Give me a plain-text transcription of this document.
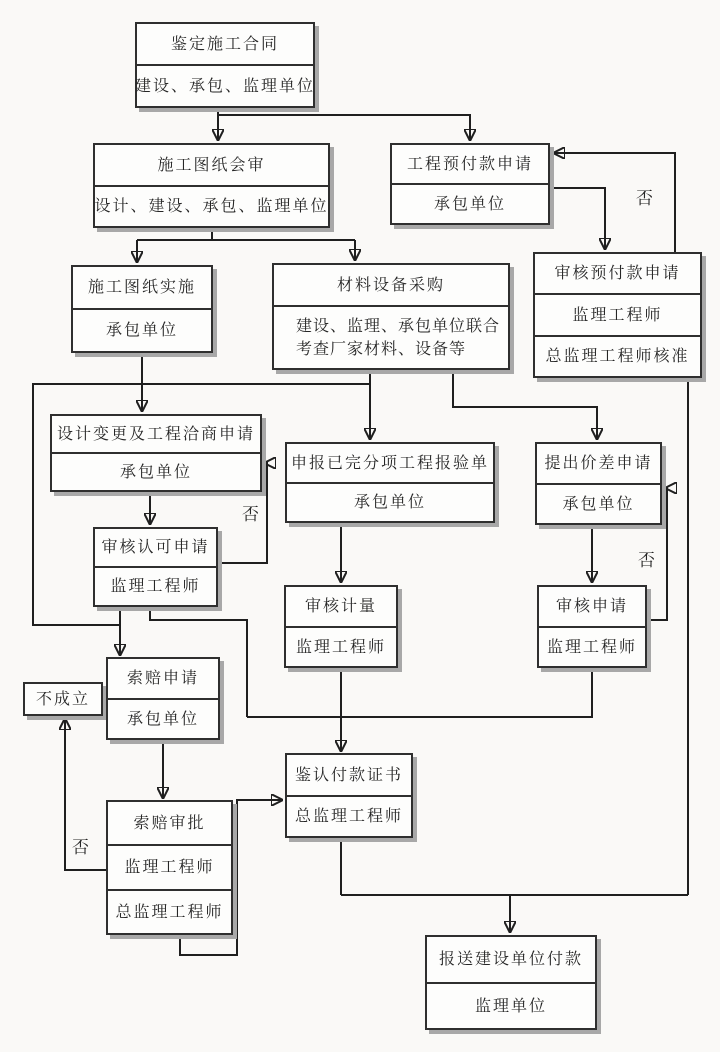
鉴定施工合同
建设、承包、监理单位
施工图纸会审
设计、建设、承包、监理单位
工程预付款申请
承包单位
审核预付款申请
监理工程师
总监理工程师核准
施工图纸实施
承包单位
材料设备采购
建设、监理、承包单位联合
考查厂家材料、设备等
设计变更及工程洽商申请
承包单位	申报已完分项工程报验单
承包单位
提出价差申请
承包单位
审核认可申请
监理工程师
审核计量
监理工程师
审核申请
监理工程师
不成立
索赔申请
承包单位
索赔审批
监理工程师
总监理工程师
鉴认付款证书
总监理工程师
报送建设单位付款
监理单位
否
否
否
否
